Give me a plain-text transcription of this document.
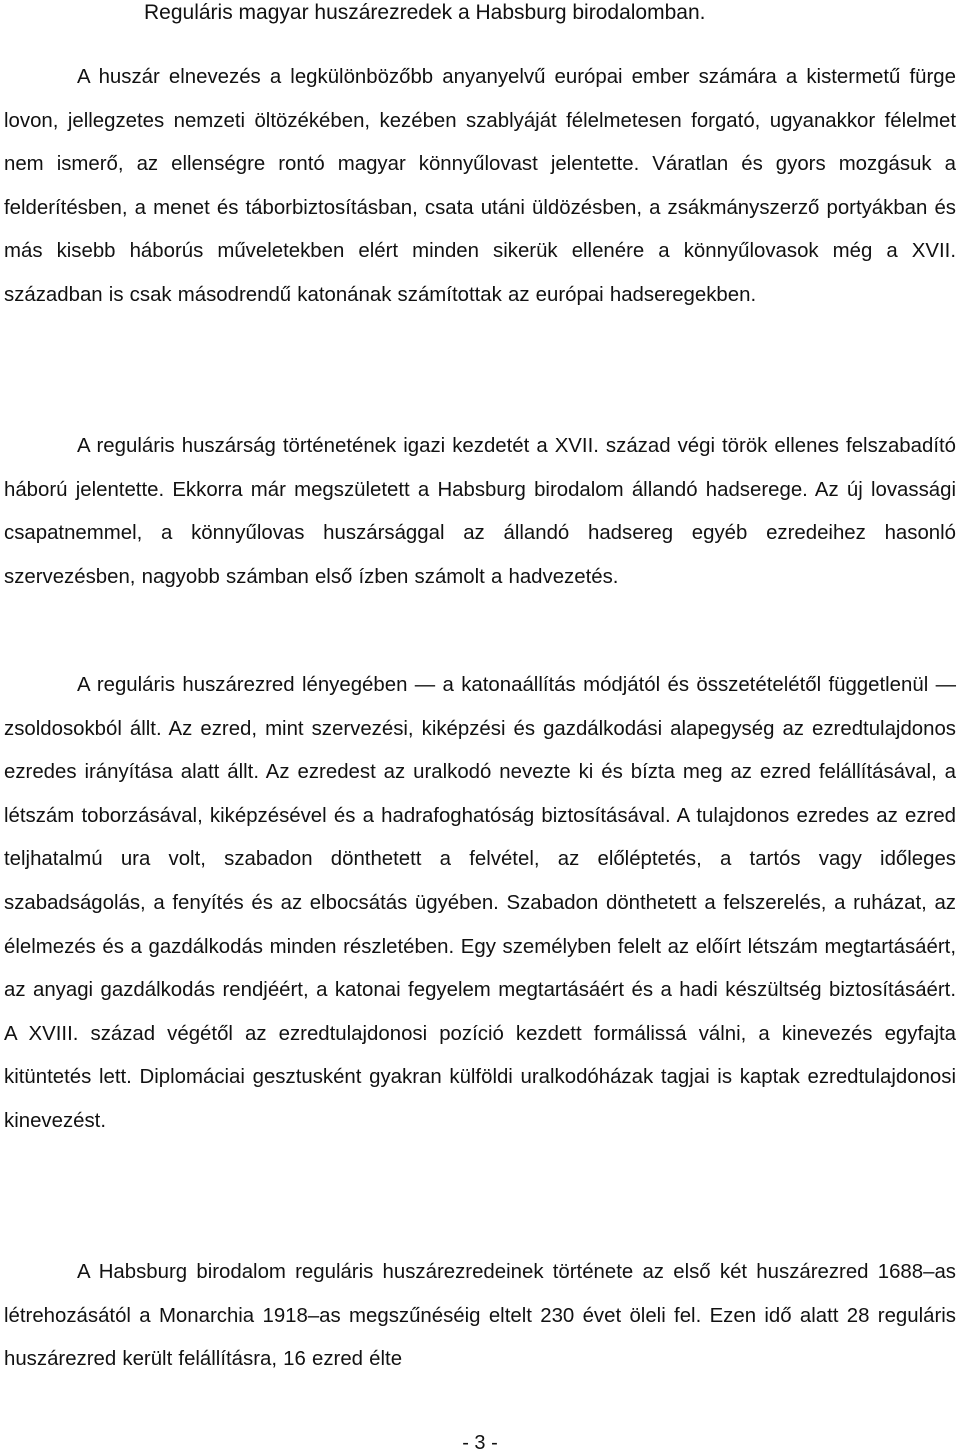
Reguláris magyar huszárezredek a Habsburg birodalomban.

A huszár elnevezés a legkülönbözőbb anyanyelvű európai ember számára a kistermetű fürge lovon, jellegzetes nemzeti öltözékében, kezében szablyáját félelmetesen forgató, ugyanakkor félelmet nem ismerő, az ellenségre rontó magyar könnyűlovast jelentette. Váratlan és gyors mozgásuk a felderítésben, a menet és táborbiztosításban, csata utáni üldözésben, a zsákmányszerző portyákban és más kisebb háborús műveletekben elért minden sikerük ellenére a könnyűlovasok még a XVII. században is csak másodrendű katonának számítottak az európai hadseregekben.

A reguláris huszárság történetének igazi kezdetét a XVII. század végi török ellenes felszabadító háború jelentette. Ekkorra már megszületett a Habsburg birodalom állandó hadserege. Az új lovassági csapatnemmel, a könnyűlovas huszársággal az állandó hadsereg egyéb ezredeihez hasonló szervezésben, nagyobb számban első ízben számolt a hadvezetés.

A reguláris huszárezred lényegében — a katonaállítás módjától és összetételétől függetlenül — zsoldosokból állt. Az ezred, mint szervezési, kiképzési és gazdálkodási alapegység az ezredtulajdonos ezredes irányítása alatt állt. Az ezredest az uralkodó nevezte ki és bízta meg az ezred felállításával, a létszám toborzásával, kiképzésével és a hadrafoghatóság biztosításával. A tulajdonos ezredes az ezred teljhatalmú ura volt, szabadon dönthetett a felvétel, az előléptetés, a tartós vagy időleges szabadságolás, a fenyítés és az elbocsátás ügyében. Szabadon dönthetett a felszerelés, a ruházat, az élelmezés és a gazdálkodás minden részletében. Egy személyben felelt az előírt létszám megtartásáért, az anyagi gazdálkodás rendjéért, a katonai fegyelem megtartásáért és a hadi készültség biztosításáért. A XVIII. század végétől az ezredtulajdonosi pozíció kezdett formálissá válni, a kinevezés egyfajta kitüntetés lett. Diplomáciai gesztusként gyakran külföldi uralkodóházak tagjai is kaptak ezredtulajdonosi kinevezést.

A Habsburg birodalom reguláris huszárezredeinek története az első két huszárezred 1688–as létrehozásától a Monarchia 1918–as megszűnéséig eltelt 230 évet öleli fel. Ezen idő alatt 28 reguláris huszárezred került felállításra, 16 ezred élte

- 3 -
